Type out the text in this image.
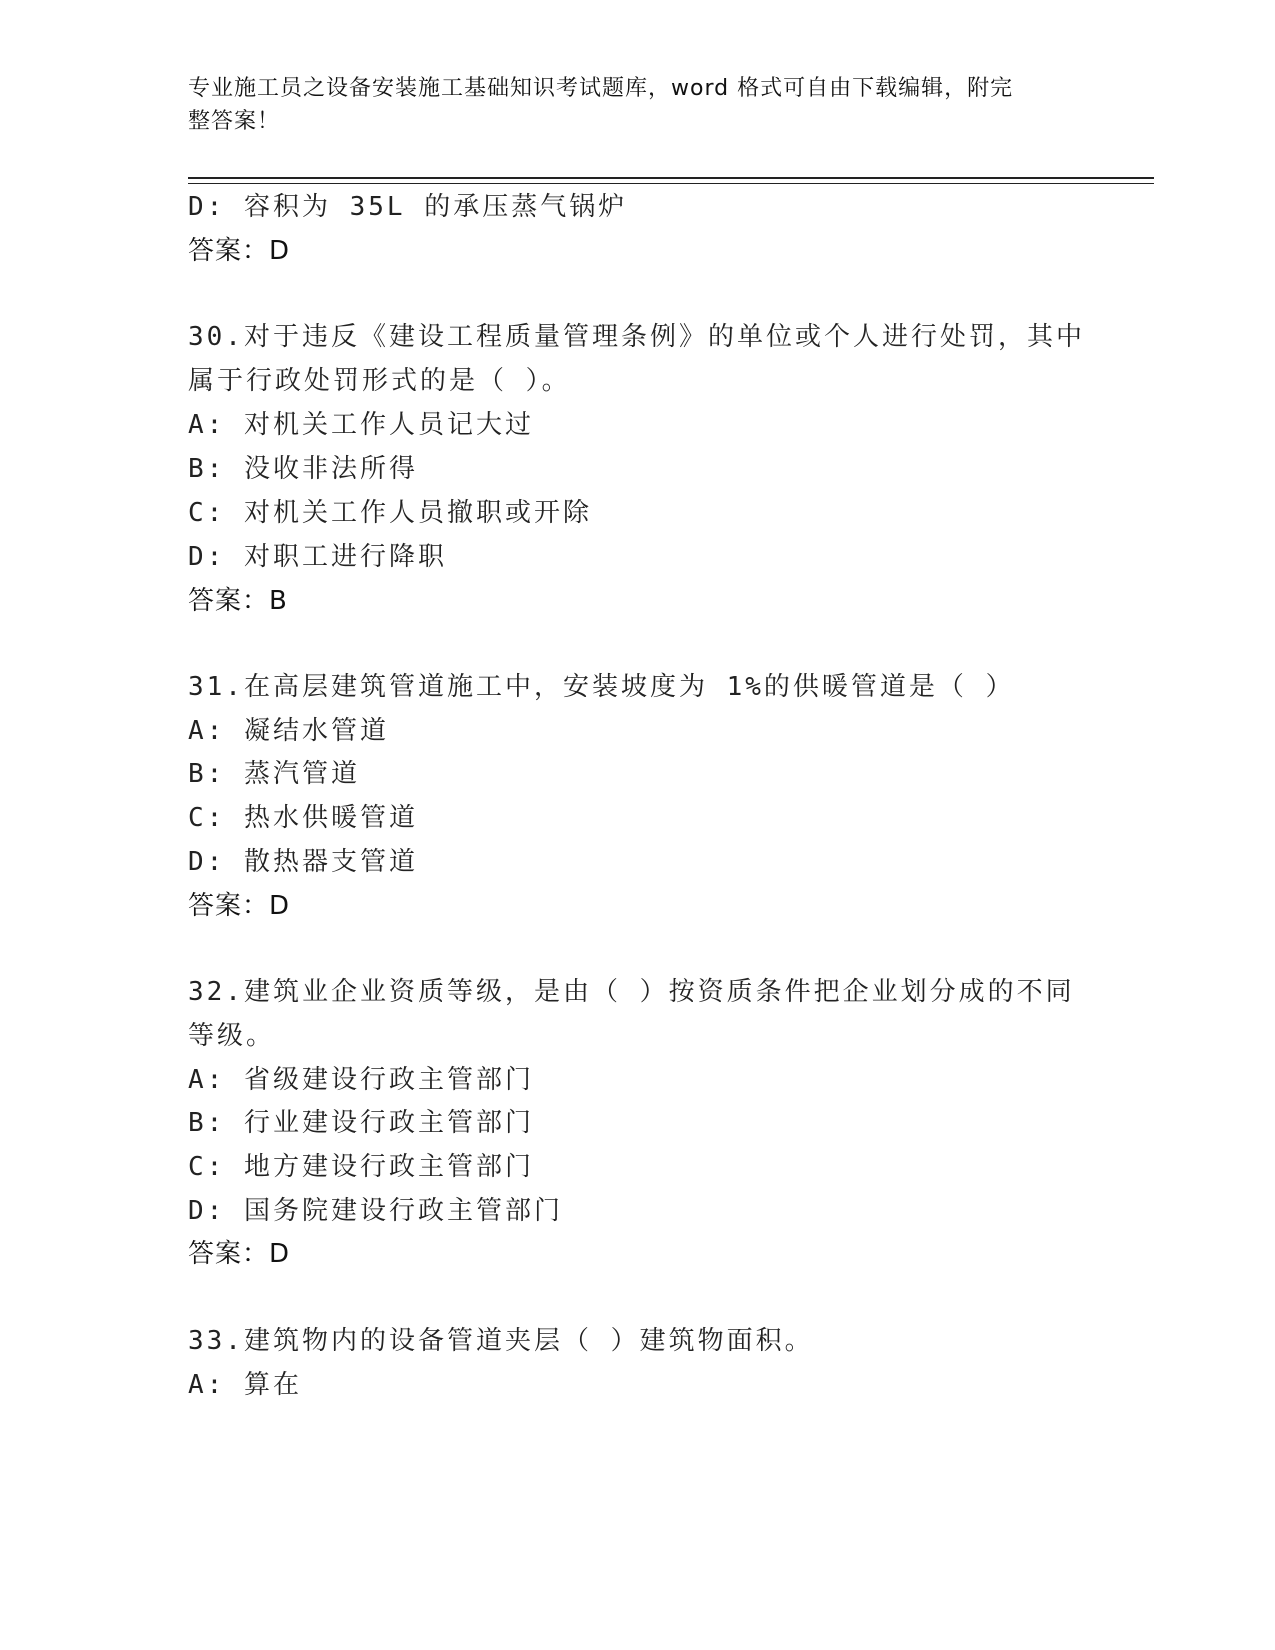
专业施工员之设备安装施工基础知识考试题库，word 格式可自由下载编辑，附完
整答案！
D: 容积为 35L 的承压蒸气锅炉
答案：D
30.对于违反《建设工程质量管理条例》的单位或个人进行处罚，其中
属于行政处罚形式的是（ ）。
A: 对机关工作人员记大过
B: 没收非法所得
C: 对机关工作人员撤职或开除
D: 对职工进行降职
答案：B
31.在高层建筑管道施工中，安装坡度为 1%的供暖管道是（ ）
A: 凝结水管道
B: 蒸汽管道
C: 热水供暖管道
D: 散热器支管道
答案：D
32.建筑业企业资质等级，是由（ ）按资质条件把企业划分成的不同
等级。
A: 省级建设行政主管部门
B: 行业建设行政主管部门
C: 地方建设行政主管部门
D: 国务院建设行政主管部门
答案：D
33.建筑物内的设备管道夹层（ ）建筑物面积。
A: 算在
